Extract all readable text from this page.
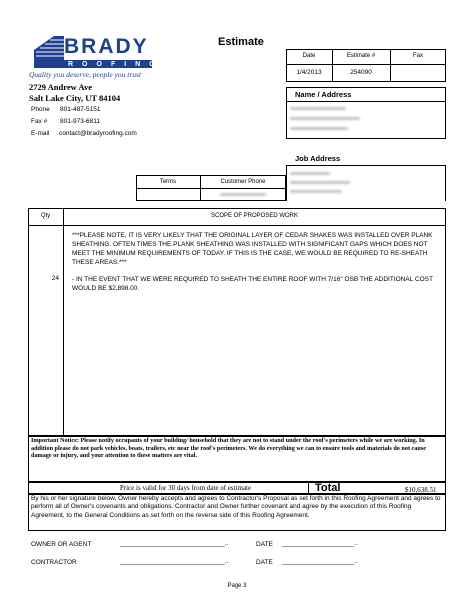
BRADY
ROOFING
Quality you deserve, people you trust
Estimate
2729 Andrew Ave
Salt Lake City, UT 84104
Phone 801-487-5151
Fax # 801-973-6811
E-mail contact@bradyroofing.com
Date	Estimate #	Fax
1/4/2013	254090
Name / Address
Job Address
Terms	Customer Phone
Qty	SCOPE OF PROPOSED WORK
***PLEASE NOTE, IT IS VERY LIKELY THAT THE ORIGINAL LAYER OF CEDAR SHAKES WAS INSTALLED OVER PLANK SHEATHING. OFTEN TIMES THE PLANK SHEATHING WAS INSTALLED WITH SIGNIFICANT GAPS WHICH DOES NOT MEET THE MINIMUM REQUIREMENTS OF TODAY. IF THIS IS THE CASE, WE WOULD BE REQUIRED TO RE-SHEATH THESE AREAS.***
24 - IN THE EVENT THAT WE WERE REQUIRED TO SHEATH THE ENTIRE ROOF WITH 7/16" OSB THE ADDITIONAL COST WOULD BE $2,898.00.
Important Notice: Please notify occupants of your building/ household that they are not to stand under the roof's perimeters while we are working. In addition please do not park vehicles, boats, trailers, etc near the roof's perimeters. We do everything we can to ensure tools and materials do not cause damage or injury, and your attention to these matters are vital.
Price is valid for 30 days from date of estimate	Total	$10,638.51
By his or her signature below, Owner hereby accepts and agrees to Contractor's Proposal as set forth in this Roofing Agreement and agrees to perform all of Owner's covenants and obligations. Contractor and Owner further covenant and agree by the execution of this Roofing Agreement, to the General Conditions as set forth on the reverse side of this Roofing Agreement.
OWNER OR AGENT	_____________________________..	DATE ____________________..
CONTRACTOR	_____________________________..	DATE ____________________..
Page 3
